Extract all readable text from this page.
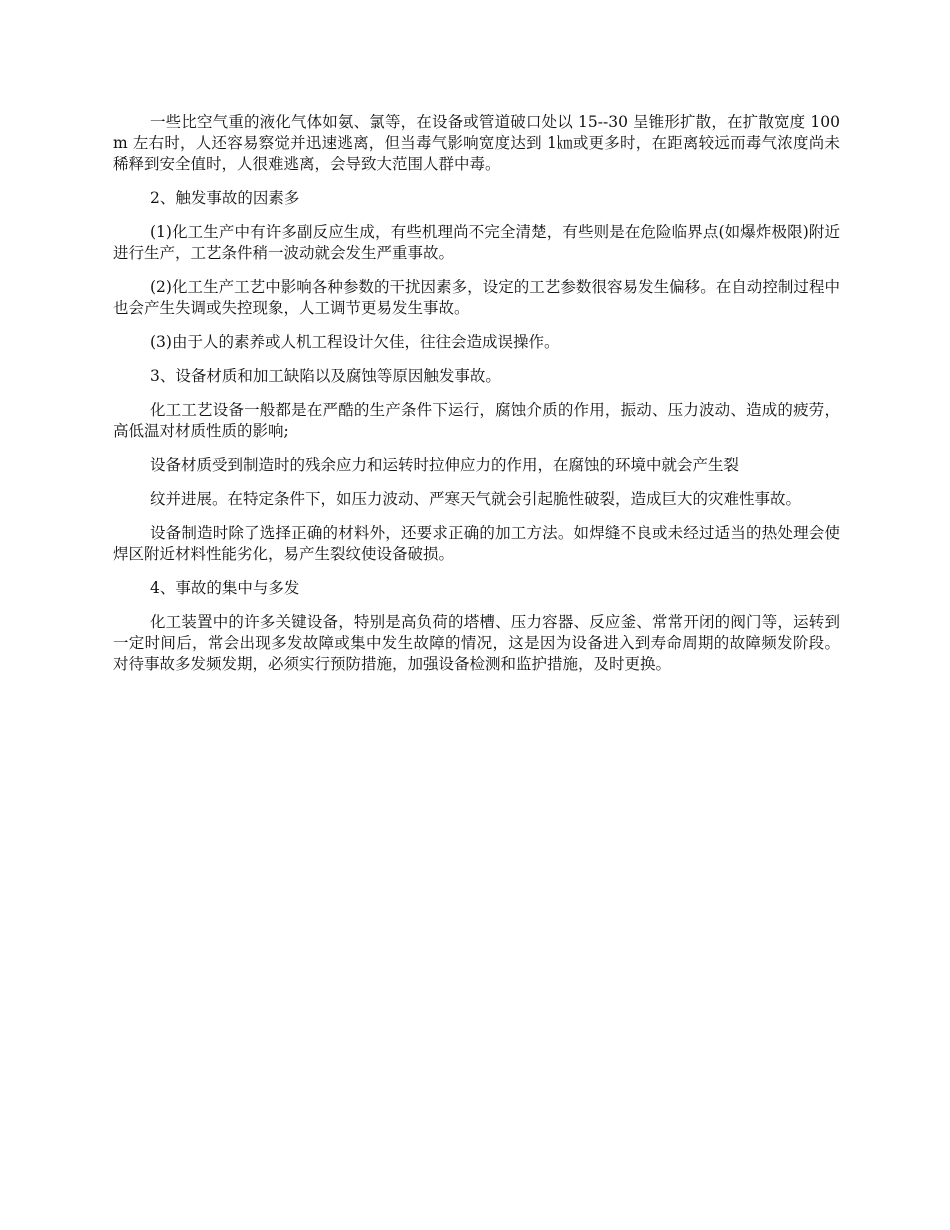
一些比空气重的液化气体如氨、氯等，在设备或管道破口处以 15--30 呈锥形扩散，在扩散宽度 100m 左右时，人还容易察觉并迅速逃离，但当毒气影响宽度达到 1㎞或更多时，在距离较远而毒气浓度尚未稀释到安全值时，人很难逃离，会导致大范围人群中毒。

2、触发事故的因素多

(1)化工生产中有许多副反应生成，有些机理尚不完全清楚，有些则是在危险临界点(如爆炸极限)附近进行生产，工艺条件稍一波动就会发生严重事故。

(2)化工生产工艺中影响各种参数的干扰因素多，设定的工艺参数很容易发生偏移。在自动控制过程中也会产生失调或失控现象，人工调节更易发生事故。

(3)由于人的素养或人机工程设计欠佳，往往会造成误操作。

3、设备材质和加工缺陷以及腐蚀等原因触发事故。

化工工艺设备一般都是在严酷的生产条件下运行，腐蚀介质的作用，振动、压力波动、造成的疲劳，高低温对材质性质的影响;

设备材质受到制造时的残余应力和运转时拉伸应力的作用，在腐蚀的环境中就会产生裂

纹并进展。在特定条件下，如压力波动、严寒天气就会引起脆性破裂，造成巨大的灾难性事故。

设备制造时除了选择正确的材料外，还要求正确的加工方法。如焊缝不良或未经过适当的热处理会使焊区附近材料性能劣化，易产生裂纹使设备破损。

4、事故的集中与多发

化工装置中的许多关键设备，特别是高负荷的塔槽、压力容器、反应釜、常常开闭的阀门等，运转到一定时间后，常会出现多发故障或集中发生故障的情况，这是因为设备进入到寿命周期的故障频发阶段。对待事故多发频发期，必须实行预防措施，加强设备检测和监护措施，及时更换。
